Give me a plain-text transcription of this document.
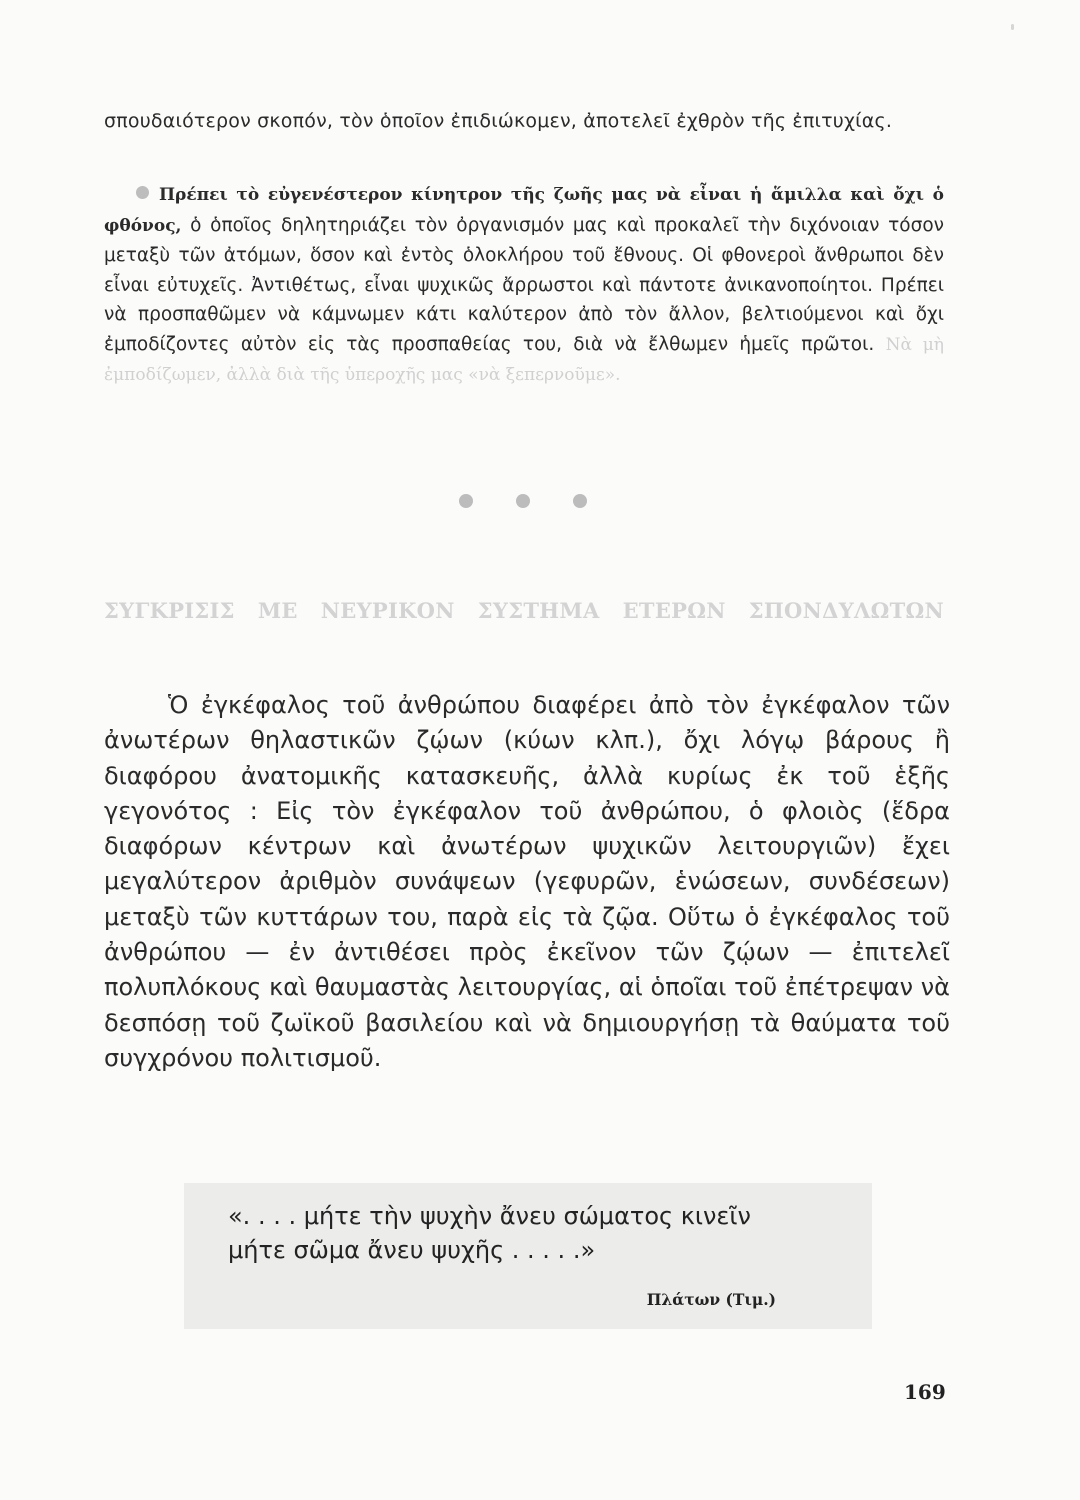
σπουδαιότερον σκοπόν, τὸν ὁποῖον ἐπιδιώκομεν, ἀποτελεῖ ἐχθρὸν τῆς ἐπιτυχίας.
Πρέπει τὸ εὐγενέστερον κίνητρον τῆς ζωῆς μας νὰ εἶναι ἡ ἅμιλλα καὶ ὄχι ὁ φθόνος, ὁ ὁποῖος δηλητηριάζει τὸν ὀργανισμόν μας καὶ προκαλεῖ τὴν διχόνοιαν τόσον μεταξὺ τῶν ἀτόμων, ὅσον καὶ ἐντὸς ὁλοκλήρου τοῦ ἔθνους. Οἱ φθονεροὶ ἄνθρωποι δὲν εἶναι εὐτυχεῖς. Ἀντιθέτως, εἶναι ψυχικῶς ἄρρωστοι καὶ πάντοτε ἀνικανοποίητοι. Πρέπει νὰ προσπαθῶμεν νὰ κάμνωμεν κάτι καλύτερον ἀπὸ τὸν ἄλλον, βελτιούμενοι καὶ ὄχι ἐμποδίζοντες αὐτὸν εἰς τὰς προσπαθείας του, διὰ νὰ ἔλθωμεν ἡμεῖς πρῶτοι. Νὰ μὴ ἐμποδίζωμεν, ἀλλὰ διὰ τῆς ὑπεροχῆς μας «νὰ ξεπερνοῦμε».
ΣΥΓΚΡΙΣΙΣ ΜΕ ΝΕΥΡΙΚΟΝ ΣΥΣΤΗΜΑ ΕΤΕΡΩΝ ΣΠΟΝΔΥΛΩΤΩΝ
Ὁ ἐγκέφαλος τοῦ ἀνθρώπου διαφέρει ἀπὸ τὸν ἐγκέφαλον τῶν ἀνωτέρων θηλαστικῶν ζῴων (κύων κλπ.), ὄχι λόγῳ βάρους ἢ διαφόρου ἀνατομικῆς κατασκευῆς, ἀλλὰ κυρίως ἐκ τοῦ ἑξῆς γεγονότος : Εἰς τὸν ἐγκέφαλον τοῦ ἀνθρώπου, ὁ φλοιὸς (ἕδρα διαφόρων κέντρων καὶ ἀνωτέρων ψυχικῶν λειτουργιῶν) ἔχει μεγαλύτερον ἀριθμὸν συνάψεων (γεφυρῶν, ἑνώσεων, συνδέσεων) μεταξὺ τῶν κυττάρων του, παρὰ εἰς τὰ ζῷα. Οὕτω ὁ ἐγκέφαλος τοῦ ἀνθρώπου — ἐν ἀντιθέσει πρὸς ἐκεῖνον τῶν ζῴων — ἐπιτελεῖ πολυπλόκους καὶ θαυμαστὰς λειτουργίας, αἱ ὁποῖαι τοῦ ἐπέτρεψαν νὰ δεσπόσῃ τοῦ ζωϊκοῦ βασιλείου καὶ νὰ δημιουργήσῃ τὰ θαύματα τοῦ συγχρόνου πολιτισμοῦ.
«. . . . μήτε τὴν ψυχὴν ἄνευ σώματος κινεῖν
μήτε σῶμα ἄνευ ψυχῆς . . . . .»
Πλάτων (Τιμ.)
169
